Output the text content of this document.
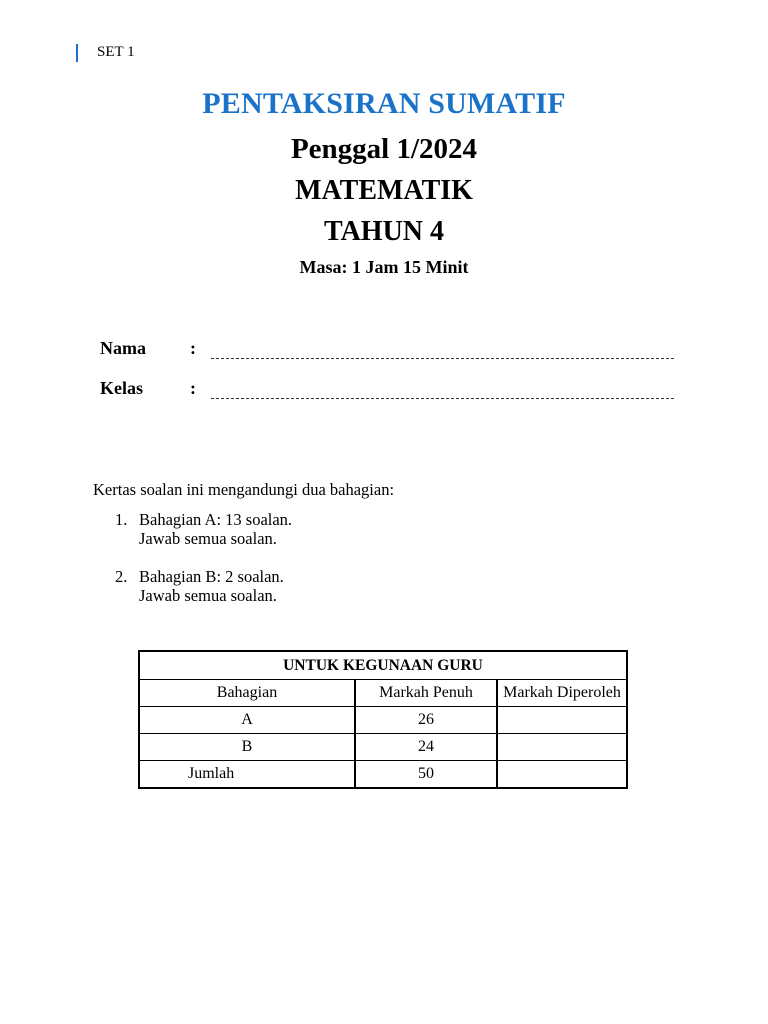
SET 1
PENTAKSIRAN SUMATIF
Penggal 1/2024
MATEMATIK
TAHUN 4
Masa: 1 Jam 15 Minit
Nama :
Kelas	:
Kertas soalan ini mengandungi dua bahagian:
1. Bahagian A: 13 soalan.
Jawab semua soalan.
2. Bahagian B: 2 soalan.
Jawab semua soalan.
UNTUK KEGUNAAN GURU		
Bahagian	Markah Penuh	Markah Diperoleh
A	26	
B	24	
Jumlah	50	
